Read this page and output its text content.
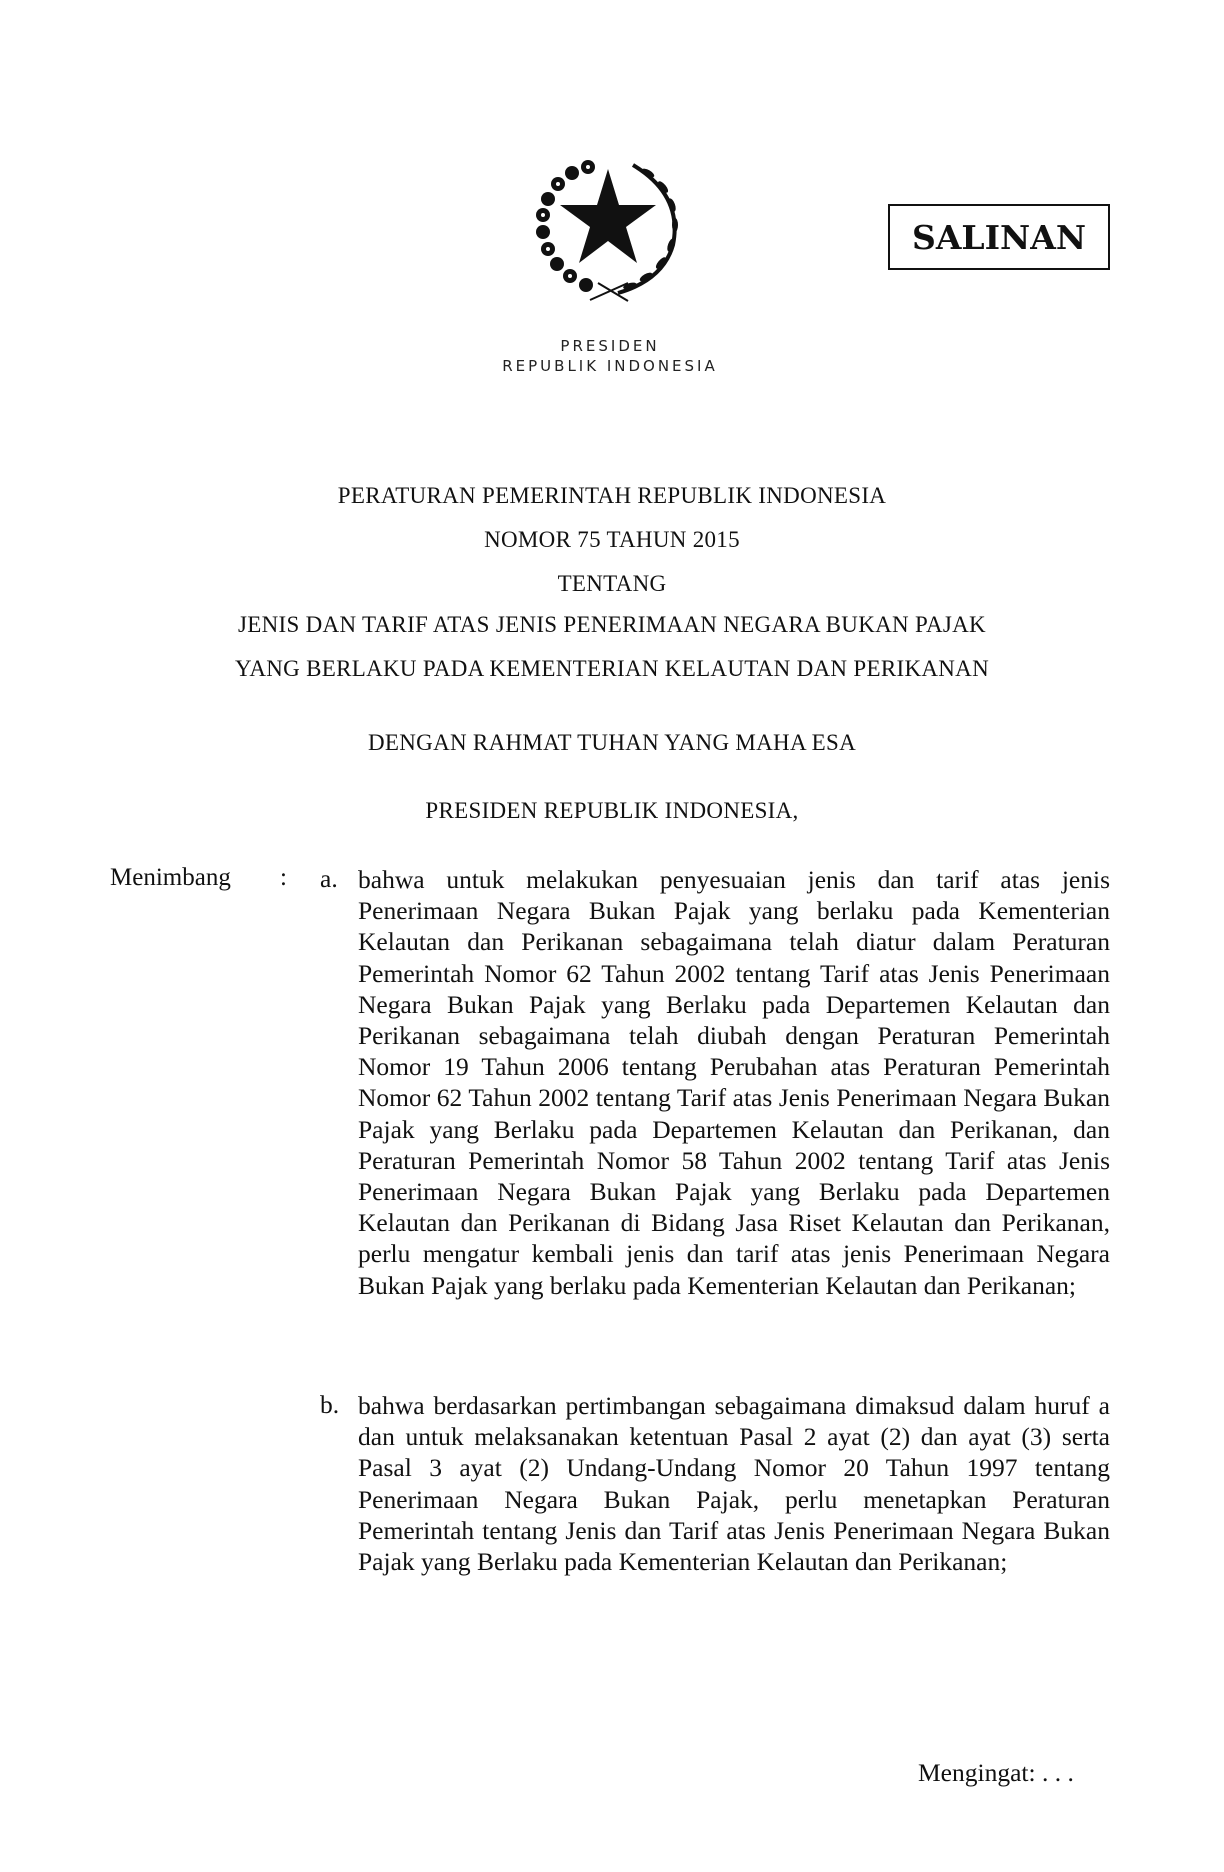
PRESIDEN
REPUBLIK INDONESIA
SALINAN
PERATURAN PEMERINTAH REPUBLIK INDONESIA
NOMOR 75 TAHUN 2015
TENTANG
JENIS DAN TARIF ATAS JENIS PENERIMAAN NEGARA BUKAN PAJAK
YANG BERLAKU PADA KEMENTERIAN KELAUTAN DAN PERIKANAN
DENGAN RAHMAT TUHAN YANG MAHA ESA
PRESIDEN REPUBLIK INDONESIA,
Menimbang : a. bahwa untuk melakukan penyesuaian jenis dan tarif atas jenis Penerimaan Negara Bukan Pajak yang berlaku pada Kementerian Kelautan dan Perikanan sebagaimana telah diatur dalam Peraturan Pemerintah Nomor 62 Tahun 2002 tentang Tarif atas Jenis Penerimaan Negara Bukan Pajak yang Berlaku pada Departemen Kelautan dan Perikanan sebagaimana telah diubah dengan Peraturan Pemerintah Nomor 19 Tahun 2006 tentang Perubahan atas Peraturan Pemerintah Nomor 62 Tahun 2002 tentang Tarif atas Jenis Penerimaan Negara Bukan Pajak yang Berlaku pada Departemen Kelautan dan Perikanan, dan Peraturan Pemerintah Nomor 58 Tahun 2002 tentang Tarif atas Jenis Penerimaan Negara Bukan Pajak yang Berlaku pada Departemen Kelautan dan Perikanan di Bidang Jasa Riset Kelautan dan Perikanan, perlu mengatur kembali jenis dan tarif atas jenis Penerimaan Negara Bukan Pajak yang berlaku pada Kementerian Kelautan dan Perikanan;
b. bahwa berdasarkan pertimbangan sebagaimana dimaksud dalam huruf a dan untuk melaksanakan ketentuan Pasal 2 ayat (2) dan ayat (3) serta Pasal 3 ayat (2) Undang-Undang Nomor 20 Tahun 1997 tentang Penerimaan Negara Bukan Pajak, perlu menetapkan Peraturan Pemerintah tentang Jenis dan Tarif atas Jenis Penerimaan Negara Bukan Pajak yang Berlaku pada Kementerian Kelautan dan Perikanan;
Mengingat: . . .
